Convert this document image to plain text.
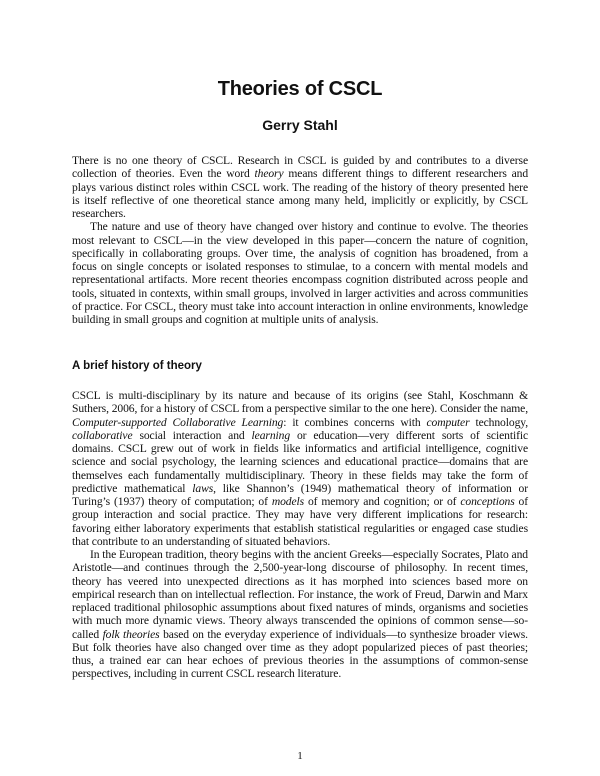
Theories of CSCL
Gerry Stahl

There is no one theory of CSCL. Research in CSCL is guided by and contributes to a diverse collection of theories. Even the word theory means different things to different researchers and plays various distinct roles within CSCL work. The reading of the history of theory presented here is itself reflective of one theoretical stance among many held, implicitly or explicitly, by CSCL researchers.

The nature and use of theory have changed over history and continue to evolve. The theories most relevant to CSCL—in the view developed in this paper—concern the nature of cognition, specifically in collaborating groups. Over time, the analysis of cognition has broadened, from a focus on single concepts or isolated responses to stimulae, to a concern with mental models and representational artifacts. More recent theories encompass cognition distributed across people and tools, situated in contexts, within small groups, involved in larger activities and across communities of practice. For CSCL, theory must take into account interaction in online environments, knowledge building in small groups and cognition at multiple units of analysis.

A brief history of theory

CSCL is multi-disciplinary by its nature and because of its origins (see Stahl, Koschmann & Suthers, 2006, for a history of CSCL from a perspective similar to the one here). Consider the name, Computer-supported Collaborative Learning: it combines concerns with computer technology, collaborative social interaction and learning or education—very different sorts of scientific domains. CSCL grew out of work in fields like informatics and artificial intelligence, cognitive science and social psychology, the learning sciences and educational practice—domains that are themselves each fundamentally multidisciplinary. Theory in these fields may take the form of predictive mathematical laws, like Shannon’s (1949) mathematical theory of information or Turing’s (1937) theory of computation; of models of memory and cognition; or of conceptions of group interaction and social practice. They may have very different implications for research: favoring either laboratory experiments that establish statistical regularities or engaged case studies that contribute to an understanding of situated behaviors.

In the European tradition, theory begins with the ancient Greeks—especially Socrates, Plato and Aristotle—and continues through the 2,500-year-long discourse of philosophy. In recent times, theory has veered into unexpected directions as it has morphed into sciences based more on empirical research than on intellectual reflection. For instance, the work of Freud, Darwin and Marx replaced traditional philosophic assumptions about fixed natures of minds, organisms and societies with much more dynamic views. Theory always transcended the opinions of common sense—so-called folk theories based on the everyday experience of individuals—to synthesize broader views. But folk theories have also changed over time as they adopt popularized pieces of past theories; thus, a trained ear can hear echoes of previous theories in the assumptions of common-sense perspectives, including in current CSCL research literature.

1
